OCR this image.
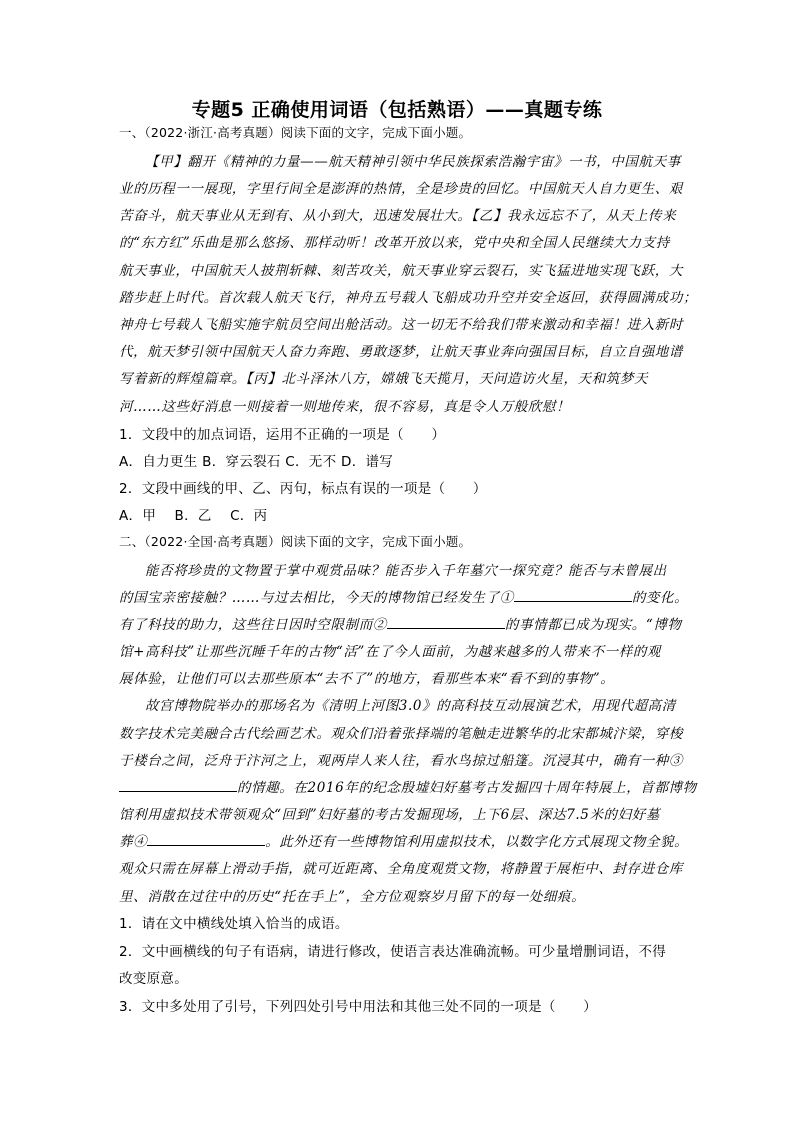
专题5 正确使用词语（包括熟语）——真题专练
一、（2022·浙江·高考真题）阅读下面的文字，完成下面小题。
【甲】翻开《精神的力量——航天精神引领中华民族探索浩瀚宇宙》一书，中国航天事
业的历程一一展现，字里行间全是澎湃的热情，全是珍贵的回忆。中国航天人自力更生、艰
苦奋斗，航天事业从无到有、从小到大，迅速发展壮大。【乙】我永远忘不了，从天上传来
的“东方红”乐曲是那么悠扬、那样动听！改革开放以来，党中央和全国人民继续大力支持
航天事业，中国航天人披荆斩棘、刻苦攻关，航天事业穿云裂石，实飞猛进地实现飞跃，大
踏步赶上时代。首次载人航天飞行，神舟五号载人飞船成功升空并安全返回，获得圆满成功；
神舟七号载人飞船实施宇航员空间出舱活动。这一切无不给我们带来激动和幸福！进入新时
代，航天梦引领中国航天人奋力奔跑、勇敢逐梦，让航天事业奔向强国目标，自立自强地谱
写着新的辉煌篇章。【丙】北斗泽沐八方，嫦娥飞天揽月，天问造访火星，天和筑梦天
河……这些好消息一则接着一则地传来，很不容易，真是令人万般欣慰！
1．文段中的加点词语，运用不正确的一项是（　　）
A．自力更生 B．穿云裂石 C．无不 D．谱写
2．文段中画线的甲、乙、丙句，标点有误的一项是（　　）
A．甲　 B．乙　 C．丙
二、（2022·全国·高考真题）阅读下面的文字，完成下面小题。
能否将珍贵的文物置于掌中观赏品味？能否步入千年墓穴一探究竟？能否与未曾展出
的国宝亲密接触？……与过去相比，今天的博物馆已经发生了①	的变化。
有了科技的助力，这些往日因时空限制而②	的事情都已成为现实。“博物
馆+高科技”让那些沉睡千年的古物“活”在了今人面前，为越来越多的人带来不一样的观
展体验，让他们可以去那些原本“去不了”的地方，看那些本来“看不到的事物”。
故宫博物院举办的那场名为《清明上河图3.0》的高科技互动展演艺术，用现代超高清
数字技术完美融合古代绘画艺术。观众们沿着张择端的笔触走进繁华的北宋都城汴梁，穿梭
于楼台之间，泛舟于汴河之上，观两岸人来人往，看水鸟掠过船篷。沉浸其中，确有一种③
的情趣。在2016年的纪念殷墟妇好墓考古发掘四十周年特展上，首都博物
馆利用虚拟技术带领观众“回到”妇好墓的考古发掘现场，上下6层、深达7.5米的妇好墓
葬④	。此外还有一些博物馆利用虚拟技术，以数字化方式展现文物全貌。
观众只需在屏幕上滑动手指，就可近距离、全角度观赏文物，将静置于展柜中、封存进仓库
里、消散在过往中的历史“托在手上”，全方位观察岁月留下的每一处细痕。
1．请在文中横线处填入恰当的成语。
2．文中画横线的句子有语病，请进行修改，使语言表达准确流畅。可少量增删词语，不得
改变原意。
3．文中多处用了引号，下列四处引号中用法和其他三处不同的一项是（　　）
